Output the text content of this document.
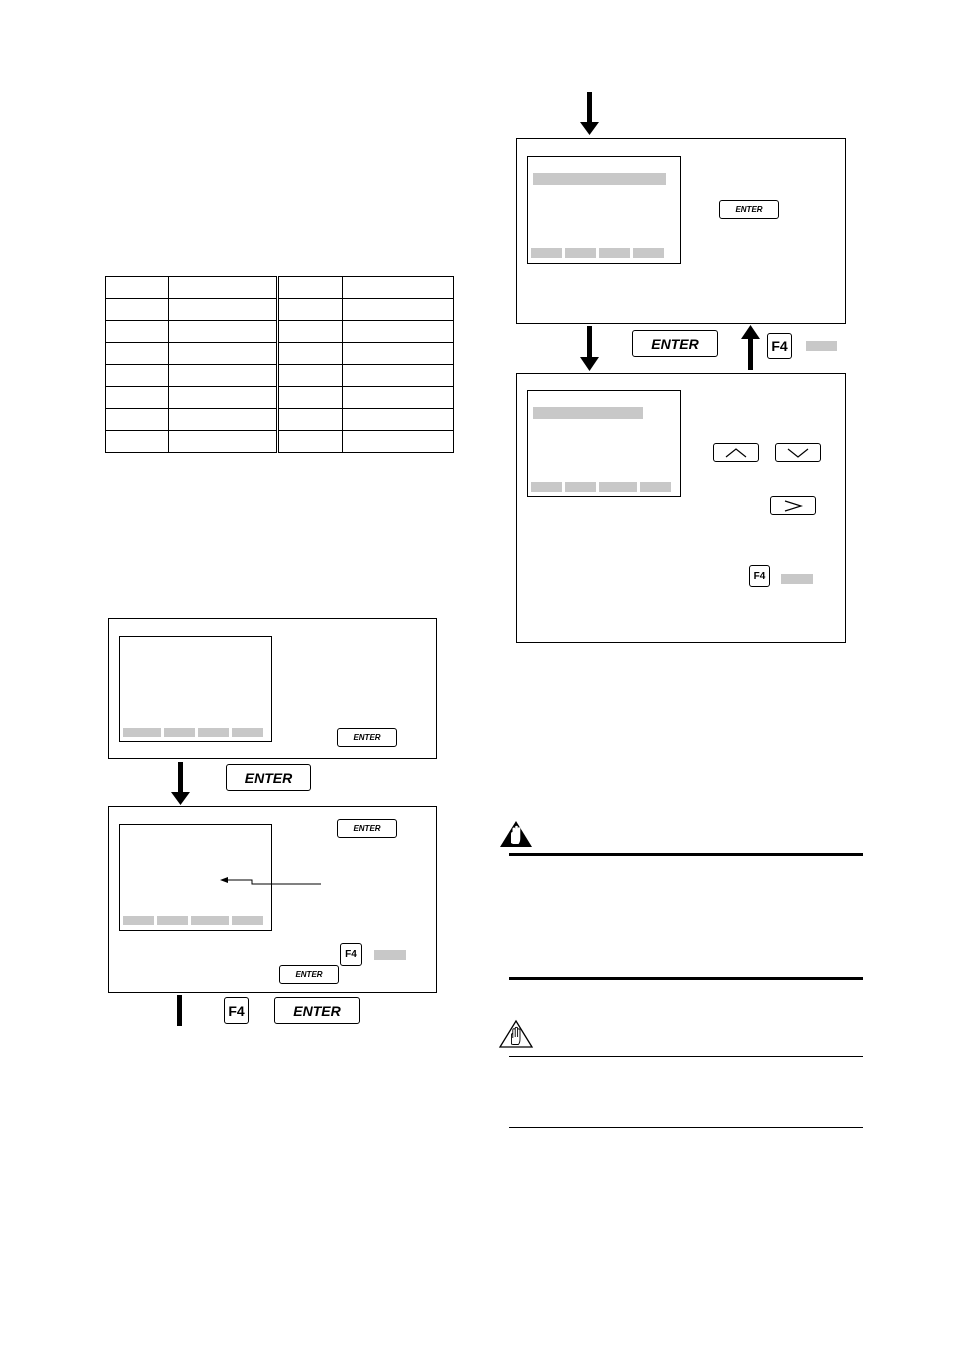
ENTER
ENTER
ENTER
F4
ENTER
F4	ENTER
ENTER
ENTER	F4
F4
